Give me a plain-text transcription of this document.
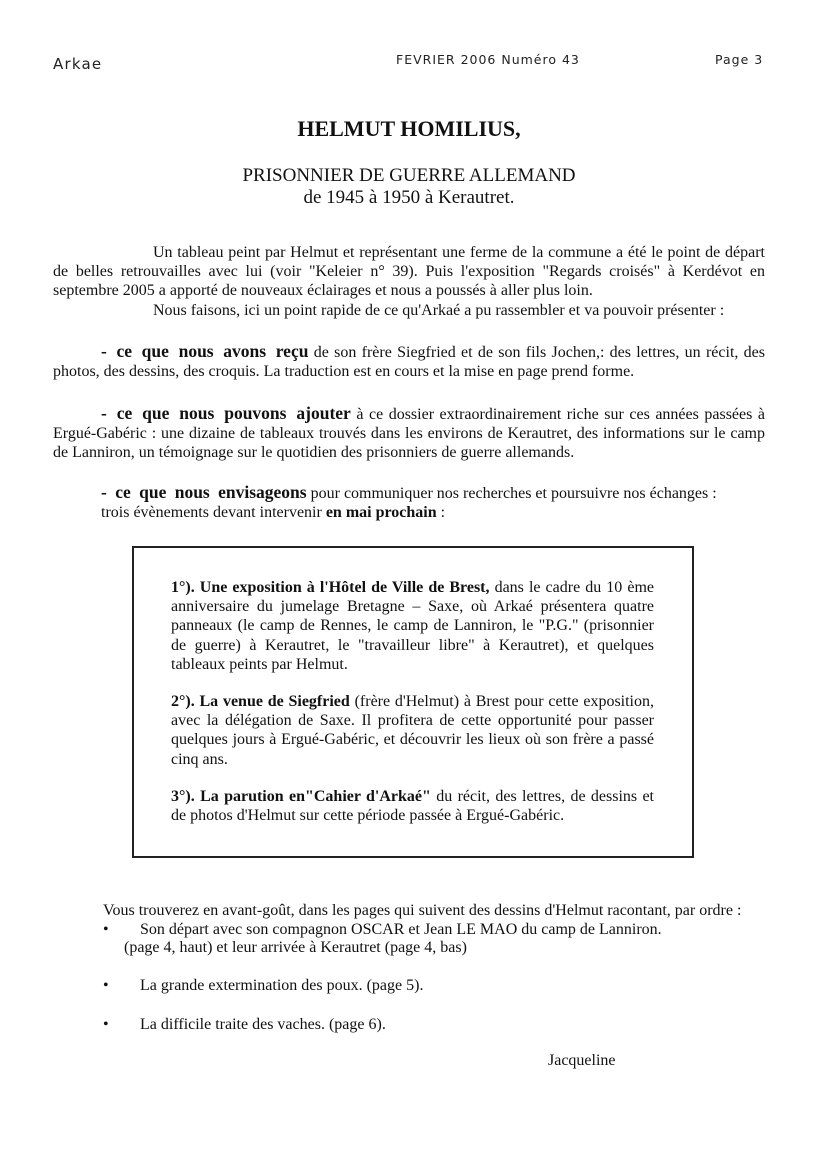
Arkae	FEVRIER 2006 Numéro 43	Page 3
HELMUT HOMILIUS,
PRISONNIER DE GUERRE ALLEMAND
de 1945 à 1950 à Kerautret.

Un tableau peint par Helmut et représentant une ferme de la commune a été le point de départ de belles retrouvailles avec lui (voir "Keleier n° 39). Puis l'exposition "Regards croisés" à Kerdévot en septembre 2005 a apporté de nouveaux éclairages et nous a poussés à aller plus loin.

Nous faisons, ici un point rapide de ce qu'Arkaé a pu rassembler et va pouvoir présenter :

- ce que nous avons reçu de son frère Siegfried et de son fils Jochen,: des lettres, un récit, des photos, des dessins, des croquis. La traduction est en cours et la mise en page prend forme.

- ce que nous pouvons ajouter à ce dossier extraordinairement riche sur ces années passées à Ergué-Gabéric : une dizaine de tableaux trouvés dans les environs de Kerautret, des informations sur le camp de Lanniron, un témoignage sur le quotidien des prisonniers de guerre allemands.

- ce que nous envisageons pour communiquer nos recherches et poursuivre nos échanges :
trois évènements devant intervenir en mai prochain :
1°). Une exposition à l'Hôtel de Ville de Brest, dans le cadre du 10 ème anniversaire du jumelage Bretagne – Saxe, où Arkaé présentera quatre panneaux (le camp de Rennes, le camp de Lanniron, le "P.G." (prisonnier de guerre) à Kerautret, le "travailleur libre" à Kerautret), et quelques tableaux peints par Helmut.
2°). La venue de Siegfried (frère d'Helmut) à Brest pour cette exposition, avec la délégation de Saxe. Il profitera de cette opportunité pour passer quelques jours à Ergué-Gabéric, et découvrir les lieux où son frère a passé cinq ans.
3°). La parution en"Cahier d'Arkaé" du récit, des lettres, de dessins et de photos d'Helmut sur cette période passée à Ergué-Gabéric.
Vous trouverez en avant-goût, dans les pages qui suivent des dessins d'Helmut racontant, par ordre :
• Son départ avec son compagnon OSCAR et Jean LE MAO du camp de Lanniron.
(page 4, haut) et leur arrivée à Kerautret (page 4, bas)
• La grande extermination des poux. (page 5).
• La difficile traite des vaches. (page 6).
Jacqueline
